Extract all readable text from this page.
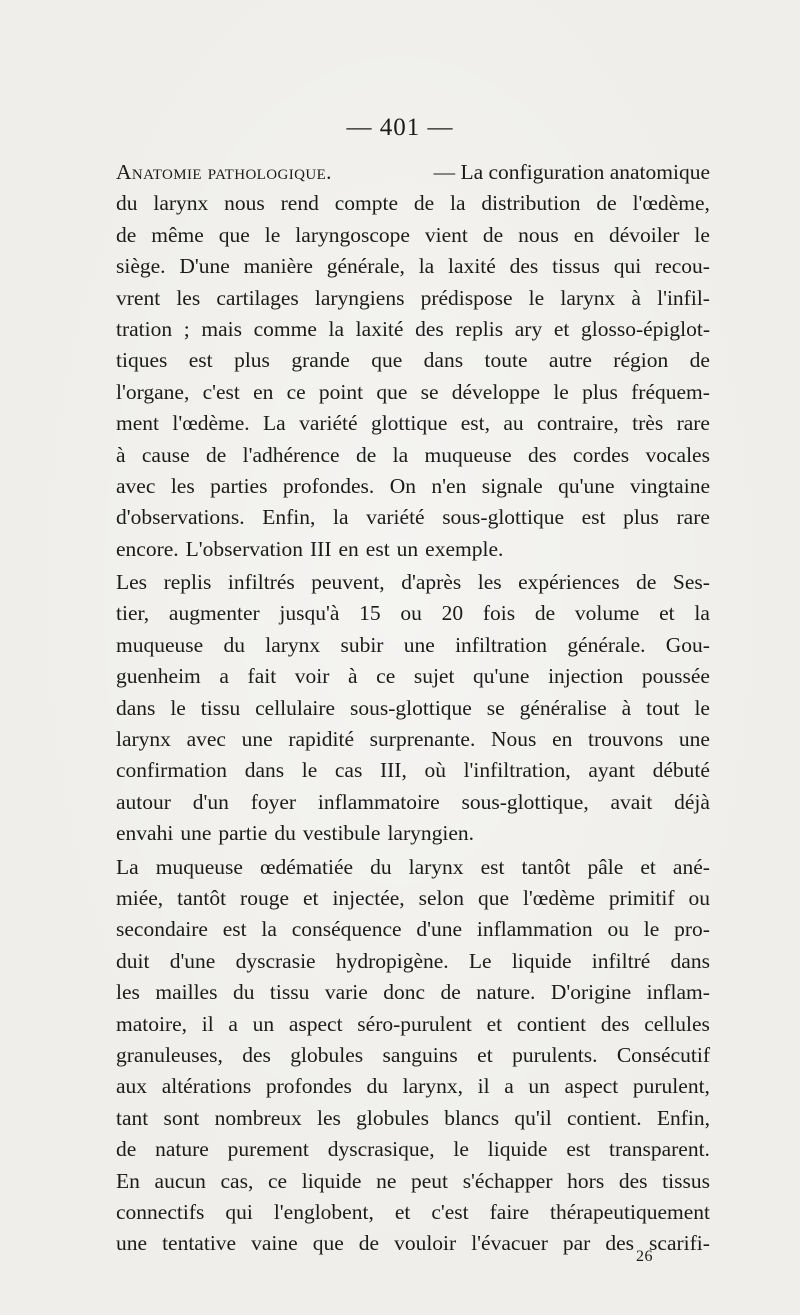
— 401 —
Anatomie pathologique.	— La configuration anatomique
du larynx nous rend compte de la distribution de l'œdème,
de même que le laryngoscope vient de nous en dévoiler le
siège. D'une manière générale, la laxité des tissus qui recou-
vrent les cartilages laryngiens prédispose le larynx à l'infil-
tration ; mais comme la laxité des replis ary et glosso-épiglot-
tiques est plus grande que dans toute autre région de
l'organe, c'est en ce point que se développe le plus fréquem-
ment l'œdème. La variété glottique est, au contraire, très rare
à cause de l'adhérence de la muqueuse des cordes vocales
avec les parties profondes. On n'en signale qu'une vingtaine
d'observations. Enfin, la variété sous-glottique est plus rare
encore. L'observation III en est un exemple.
Les replis infiltrés peuvent, d'après les expériences de Ses-
tier, augmenter jusqu'à 15 ou 20 fois de volume et la
muqueuse du larynx subir une infiltration générale. Gou-
guenheim a fait voir à ce sujet qu'une injection poussée
dans le tissu cellulaire sous-glottique se généralise à tout le
larynx avec une rapidité surprenante. Nous en trouvons une
confirmation dans le cas III, où l'infiltration, ayant débuté
autour d'un foyer inflammatoire sous-glottique, avait déjà
envahi une partie du vestibule laryngien.
La muqueuse œdématiée du larynx est tantôt pâle et ané-
miée, tantôt rouge et injectée, selon que l'œdème primitif ou
secondaire est la conséquence d'une inflammation ou le pro-
duit d'une dyscrasie hydropigène. Le liquide infiltré dans
les mailles du tissu varie donc de nature. D'origine inflam-
matoire, il a un aspect séro-purulent et contient des cellules
granuleuses, des globules sanguins et purulents. Consécutif
aux altérations profondes du larynx, il a un aspect purulent,
tant sont nombreux les globules blancs qu'il contient. Enfin,
de nature purement dyscrasique, le liquide est transparent.
En aucun cas, ce liquide ne peut s'échapper hors des tissus
connectifs qui l'englobent, et c'est faire thérapeutiquement
une tentative vaine que de vouloir l'évacuer par des scarifi-
26
